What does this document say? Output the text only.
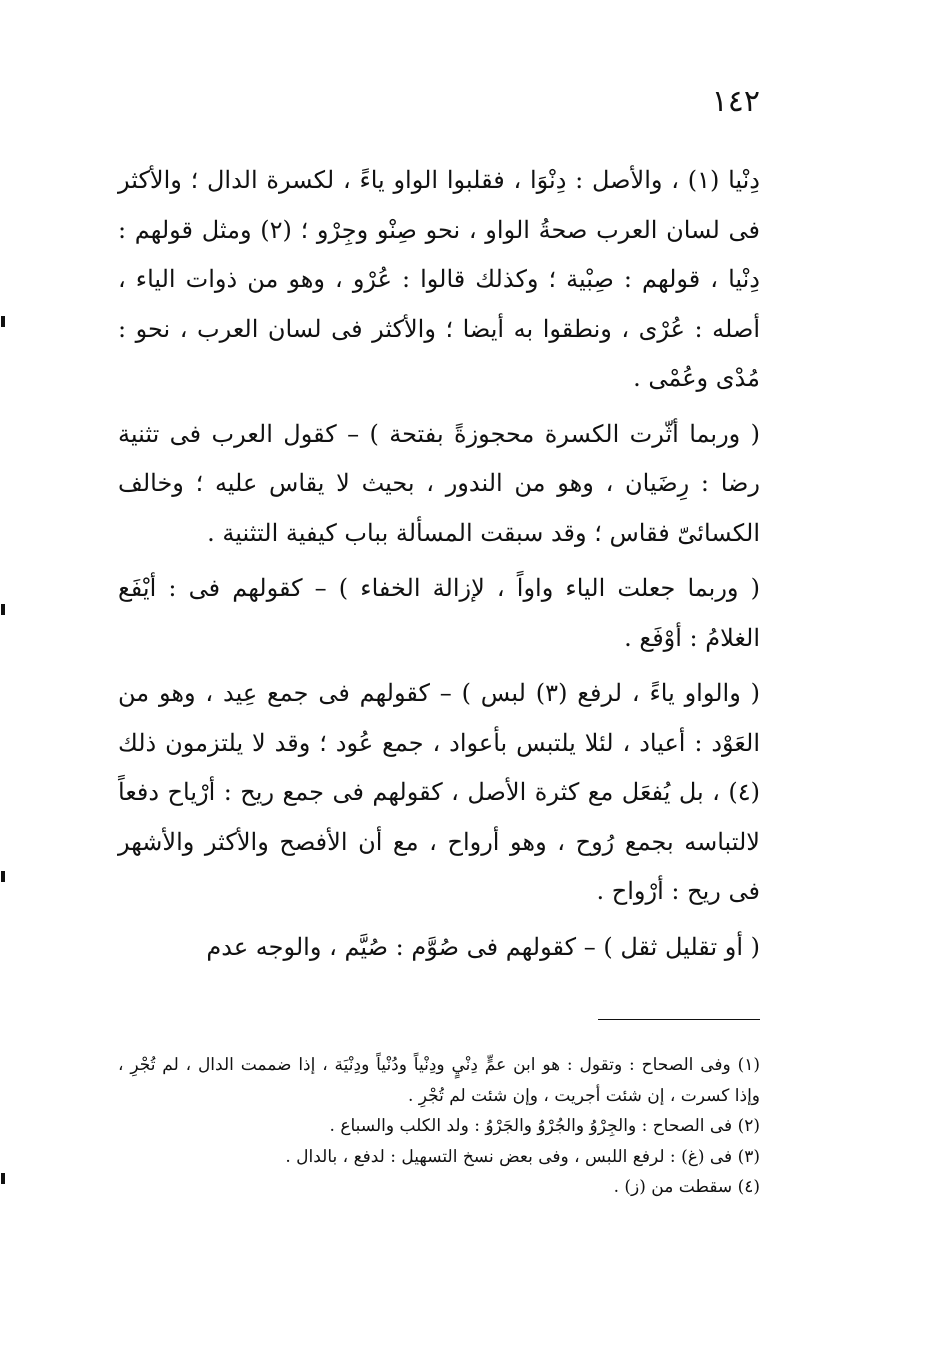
١٤٢

دِنْيا (١) ، والأصل : دِنْوَا ، فقلبوا الواو ياءً ، لكسرة الدال ؛ والأكثر فى لسان العرب صحةُ الواو ، نحو صِنْو وجِرْو ؛ (٢) ومثل قولهم : دِنْيا ، قولهم : صِبْية ؛ وكذلك قالوا : عُرْو ، وهو من ذوات الياء ، أصله : عُرْى ، ونطقوا به أيضا ؛ والأكثر فى لسان العرب ، نحو : مُدْى وعُمْى .

( وربما أثّرت الكسرة محجوزةً بفتحة ) – كقول العرب فى تثنية رضا : رِضَيان ، وهو من الندور ، بحيث لا يقاس عليه ؛ وخالف الكسائىّ فقاس ؛ وقد سبقت المسألة بباب كيفية التثنية .

( وربما جعلت الياء واواً ، لإزالة الخفاء ) – كقولهم فى : أيْفَع الغلامُ : أوْفَع .

( والواو ياءً ، لرفع (٣) لبس ) – كقولهم فى جمع عِيد ، وهو من العَوْد : أعياد ، لئلا يلتبس بأعواد ، جمع عُود ؛ وقد لا يلتزمون ذلك (٤) ، بل يُفعَل مع كثرة الأصل ، كقولهم فى جمع ريح : أرْياح دفعاً لالتباسه بجمع رُوح ، وهو أرواح ، مع أن الأفصح والأكثر والأشهر فى ريح : أرْواح .

( أو تقليل ثقل ) – كقولهم فى صُوَّم : صُيَّم ، والوجه عدم

(١) وفى الصحاح : وتقول : هو ابن عمٍّ دِنْيٍ ودِنْياً ودُنْياً ودِنْيَة ، إذا ضممت الدال ، لم تُجْرِ ، وإذا كسرت ، إن شئت أجريت ، وإن شئت لم تُجْرِ .

(٢) فى الصحاح : والجِرْوُ والجُرْوُ والجَرْوُ : ولد الكلب والسباع .

(٣) فى (غ) : لرفع اللبس ، وفى بعض نسخ التسهيل : لدفع ، بالدال .

(٤) سقطت من (ز) .
